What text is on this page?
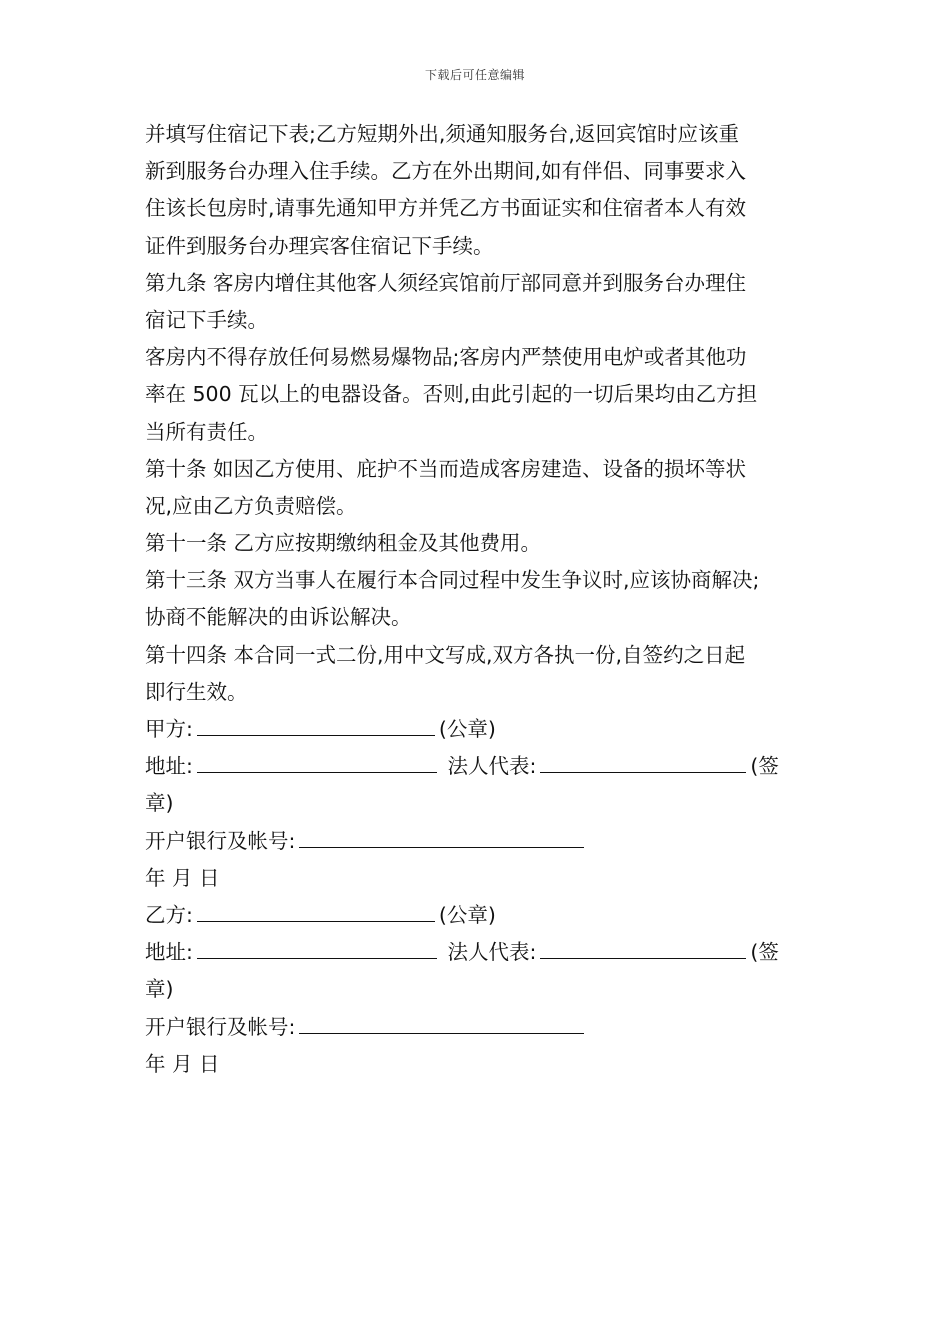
下载后可任意编辑
并填写住宿记下表;乙方短期外出,须通知服务台,返回宾馆时应该重
新到服务台办理入住手续。乙方在外出期间,如有伴侣、同事要求入
住该长包房时,请事先通知甲方并凭乙方书面证实和住宿者本人有效
证件到服务台办理宾客住宿记下手续。
第九条 客房内增住其他客人须经宾馆前厅部同意并到服务台办理住
宿记下手续。
客房内不得存放任何易燃易爆物品;客房内严禁使用电炉或者其他功
率在 500 瓦以上的电器设备。否则,由此引起的一切后果均由乙方担
当所有责任。
第十条 如因乙方使用、庇护不当而造成客房建造、设备的损坏等状
况,应由乙方负责赔偿。
第十一条 乙方应按期缴纳租金及其他费用。
第十三条 双方当事人在履行本合同过程中发生争议时,应该协商解决;
协商不能解决的由诉讼解决。
第十四条 本合同一式二份,用中文写成,双方各执一份,自签约之日起
即行生效。
甲方:	(公章)
地址:	法人代表:	(签
章)
开户银行及帐号:
年 月 日
乙方:	(公章)
地址:	法人代表:	(签
章)
开户银行及帐号:
年 月 日
